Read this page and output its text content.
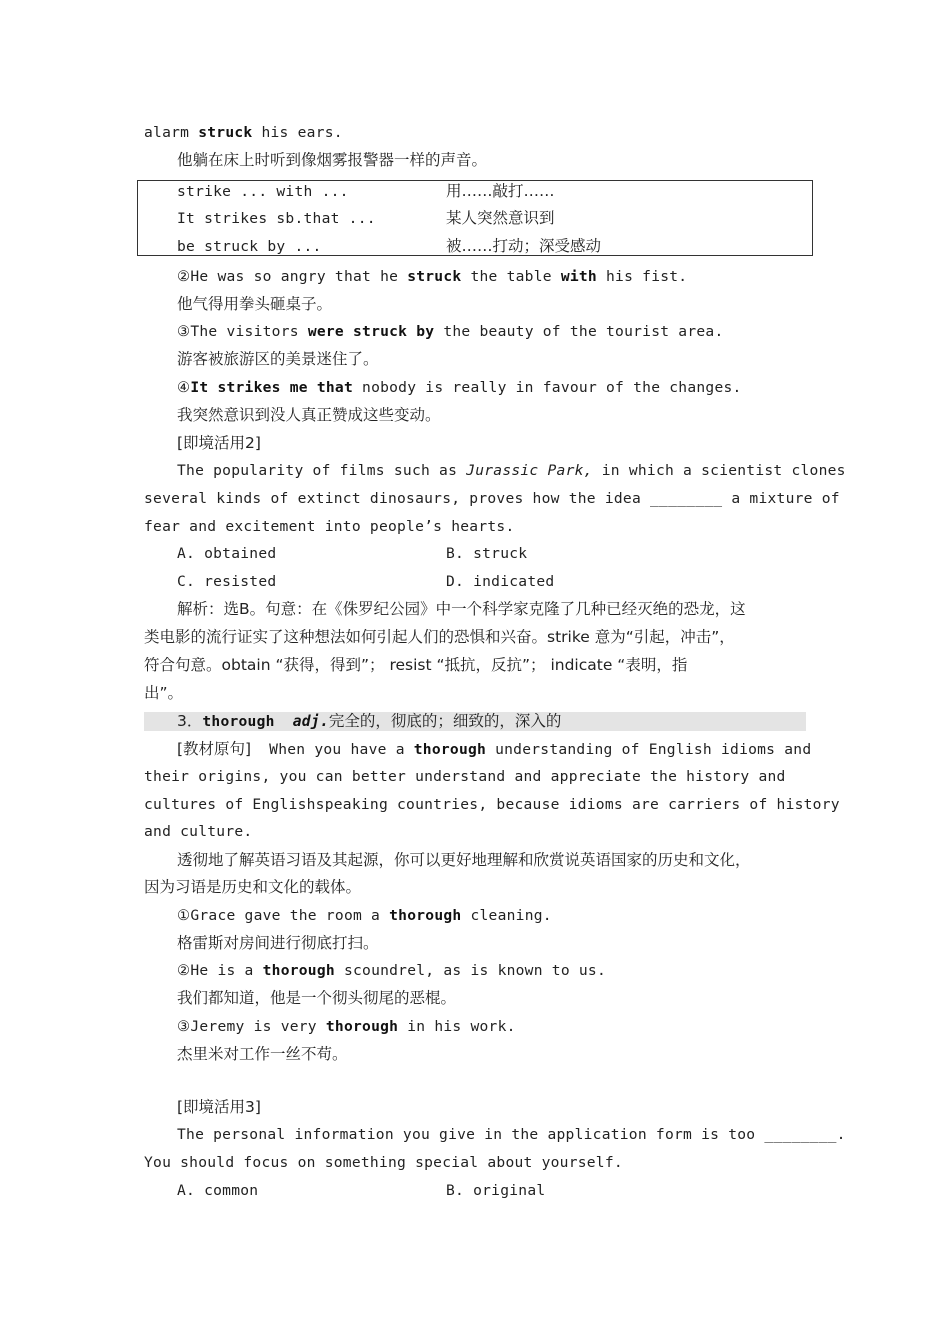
alarm struck his ears.
他躺在床上时听到像烟雾报警器一样的声音。
strike ... with ...	用……敲打……
It strikes sb.that ...	某人突然意识到
be struck by ...	被……打动；深受感动
②He was so angry that he struck the table with his fist.
他气得用拳头砸桌子。
③The visitors were struck by the beauty of the tourist area.
游客被旅游区的美景迷住了。
④It strikes me that nobody is really in favour of the changes.
我突然意识到没人真正赞成这些变动。
[即境活用2]
The popularity of films such as Jurassic Park, in which a scientist clones
several kinds of extinct dinosaurs, proves how the idea ________ a mixture of
fear and excitement into people’s hearts.
A. obtained	B. struck
C. resisted	D. indicated
解析：选B。句意：在《侏罗纪公园》中一个科学家克隆了几种已经灭绝的恐龙，这
类电影的流行证实了这种想法如何引起人们的恐惧和兴奋。strike 意为“引起，冲击”，
符合句意。obtain “获得，得到”； resist “抵抗，反抗”； indicate “表明，指
出”。
3．thorough adj.完全的，彻底的；细致的，深入的
[教材原句]  When you have a thorough understanding of English idioms and
their origins, you can better understand and appreciate the history and
cultures of Englishspeaking countries, because idioms are carriers of history
and culture.
透彻地了解英语习语及其起源，你可以更好地理解和欣赏说英语国家的历史和文化，
因为习语是历史和文化的载体。
①Grace gave the room a thorough cleaning.
格雷斯对房间进行彻底打扫。
②He is a thorough scoundrel, as is known to us.
我们都知道，他是一个彻头彻尾的恶棍。
③Jeremy is very thorough in his work.
杰里米对工作一丝不苟。
[即境活用3]
The personal information you give in the application form is too ________.
You should focus on something special about yourself.
A. common	B. original
